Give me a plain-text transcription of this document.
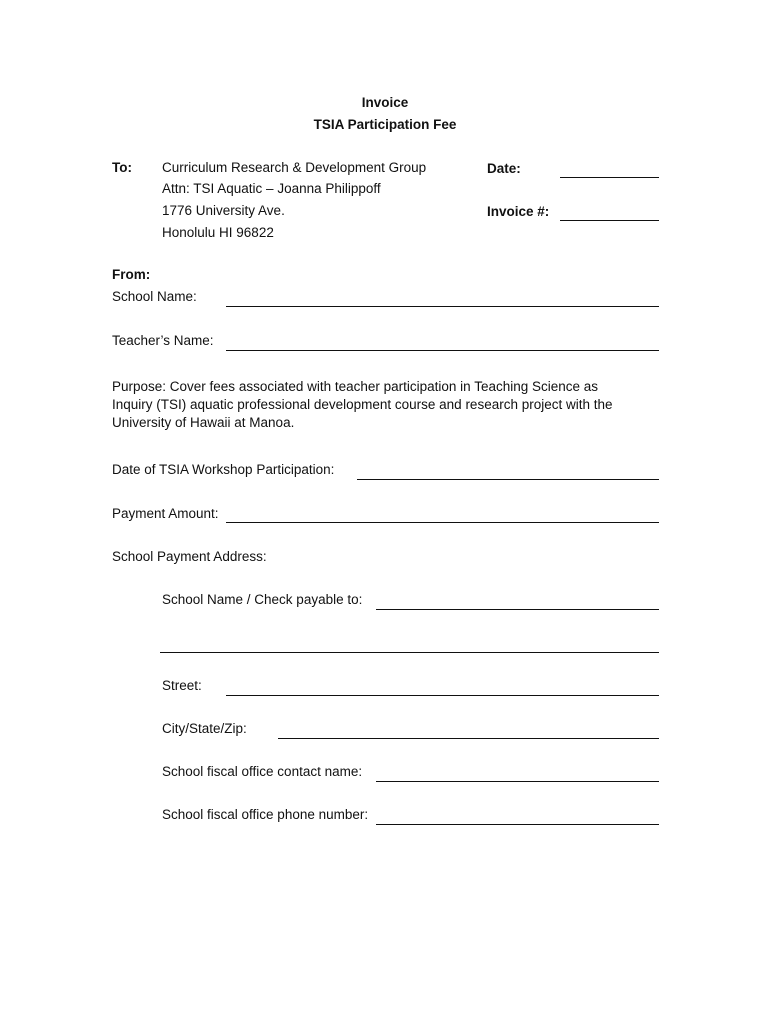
Invoice
TSIA Participation Fee
To: Curriculum Research & Development Group
Attn: TSI Aquatic – Joanna Philippoff
1776 University Ave.
Honolulu HI 96822
Date:
Invoice #:
From:
School Name:
Teacher’s Name:
Purpose: Cover fees associated with teacher participation in Teaching Science as
Inquiry (TSI) aquatic professional development course and research project with the
University of Hawaii at Manoa.
Date of TSIA Workshop Participation:
Payment Amount:
School Payment Address:
School Name / Check payable to:
Street:
City/State/Zip:
School fiscal office contact name:
School fiscal office phone number:
